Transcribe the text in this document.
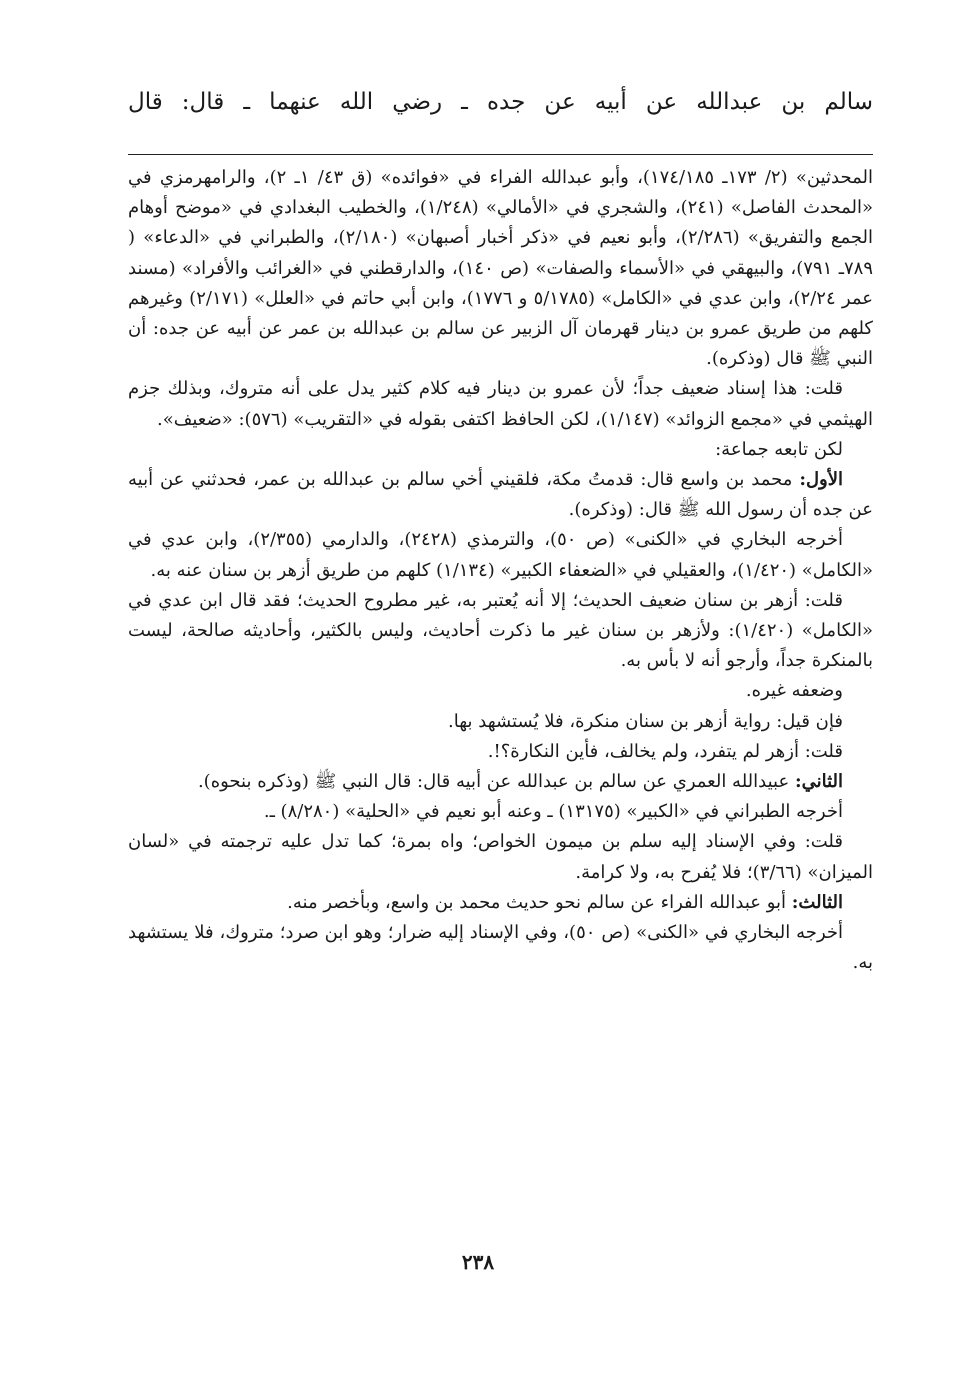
سالم بن عبدالله عن أبيه عن جده ـ رضي الله عنهما ـ قال: قال

المحدثين» (٢/ ١٧٣ـ ١٧٤/١٨٥)، وأبو عبدالله الفراء في «فوائده» (ق ٤٣/ ١ـ ٢)، والرامهرمزي في «المحدث الفاصل» (٢٤١)، والشجري في «الأمالي» (١/٢٤٨)، والخطيب البغدادي في «موضح أوهام الجمع والتفريق» (٢/٢٨٦)، وأبو نعيم في «ذكر أخبار أصبهان» (٢/١٨٠)، والطبراني في «الدعاء» ( ٧٨٩ـ ٧٩١)، والبيهقي في «الأسماء والصفات» (ص ١٤٠)، والدارقطني في «الغرائب والأفراد» (مسند عمر ٢/٢٤)، وابن عدي في «الكامل» (٥/١٧٨٥ و ١٧٧٦)، وابن أبي حاتم في «العلل» (٢/١٧١) وغيرهم كلهم من طريق عمرو بن دينار قهرمان آل الزبير عن سالم بن عبدالله بن عمر عن أبيه عن جده: أن النبي ﷺ قال (وذكره).

قلت: هذا إسناد ضعيف جداً؛ لأن عمرو بن دينار فيه كلام كثير يدل على أنه متروك، وبذلك جزم الهيثمي في «مجمع الزوائد» (١/١٤٧)، لكن الحافظ اكتفى بقوله في «التقريب» (٥٧٦): «ضعيف».

لكن تابعه جماعة:

الأول: محمد بن واسع قال: قدمتُ مكة، فلقيني أخي سالم بن عبدالله بن عمر، فحدثني عن أبيه عن جده أن رسول الله ﷺ قال: (وذكره).

أخرجه البخاري في «الكنى» (ص ٥٠)، والترمذي (٢٤٢٨)، والدارمي (٢/٣٥٥)، وابن عدي في «الكامل» (١/٤٢٠)، والعقيلي في «الضعفاء الكبير» (١/١٣٤) كلهم من طريق أزهر بن سنان عنه به.

قلت: أزهر بن سنان ضعيف الحديث؛ إلا أنه يُعتبر به، غير مطروح الحديث؛ فقد قال ابن عدي في «الكامل» (١/٤٢٠): ولأزهر بن سنان غير ما ذكرت أحاديث، وليس بالكثير، وأحاديثه صالحة، ليست بالمنكرة جداً، وأرجو أنه لا بأس به.

وضعفه غيره.

فإن قيل: رواية أزهر بن سنان منكرة، فلا يُستشهد بها.

قلت: أزهر لم يتفرد، ولم يخالف، فأين النكارة؟!.

الثاني: عبيدالله العمري عن سالم بن عبدالله عن أبيه قال: قال النبي ﷺ (وذكره بنحوه).

أخرجه الطبراني في «الكبير» (١٣١٧٥) ـ وعنه أبو نعيم في «الحلية» (٨/٢٨٠) ـ.

قلت: وفي الإسناد إليه سلم بن ميمون الخواص؛ واه بمرة؛ كما تدل عليه ترجمته في «لسان الميزان» (٣/٦٦)؛ فلا يُفرح به، ولا كرامة.

الثالث: أبو عبدالله الفراء عن سالم نحو حديث محمد بن واسع، وبأخصر منه.

أخرجه البخاري في «الكنى» (ص ٥٠)، وفي الإسناد إليه ضرار؛ وهو ابن صرد؛ متروك، فلا يستشهد به.

٢٣٨
